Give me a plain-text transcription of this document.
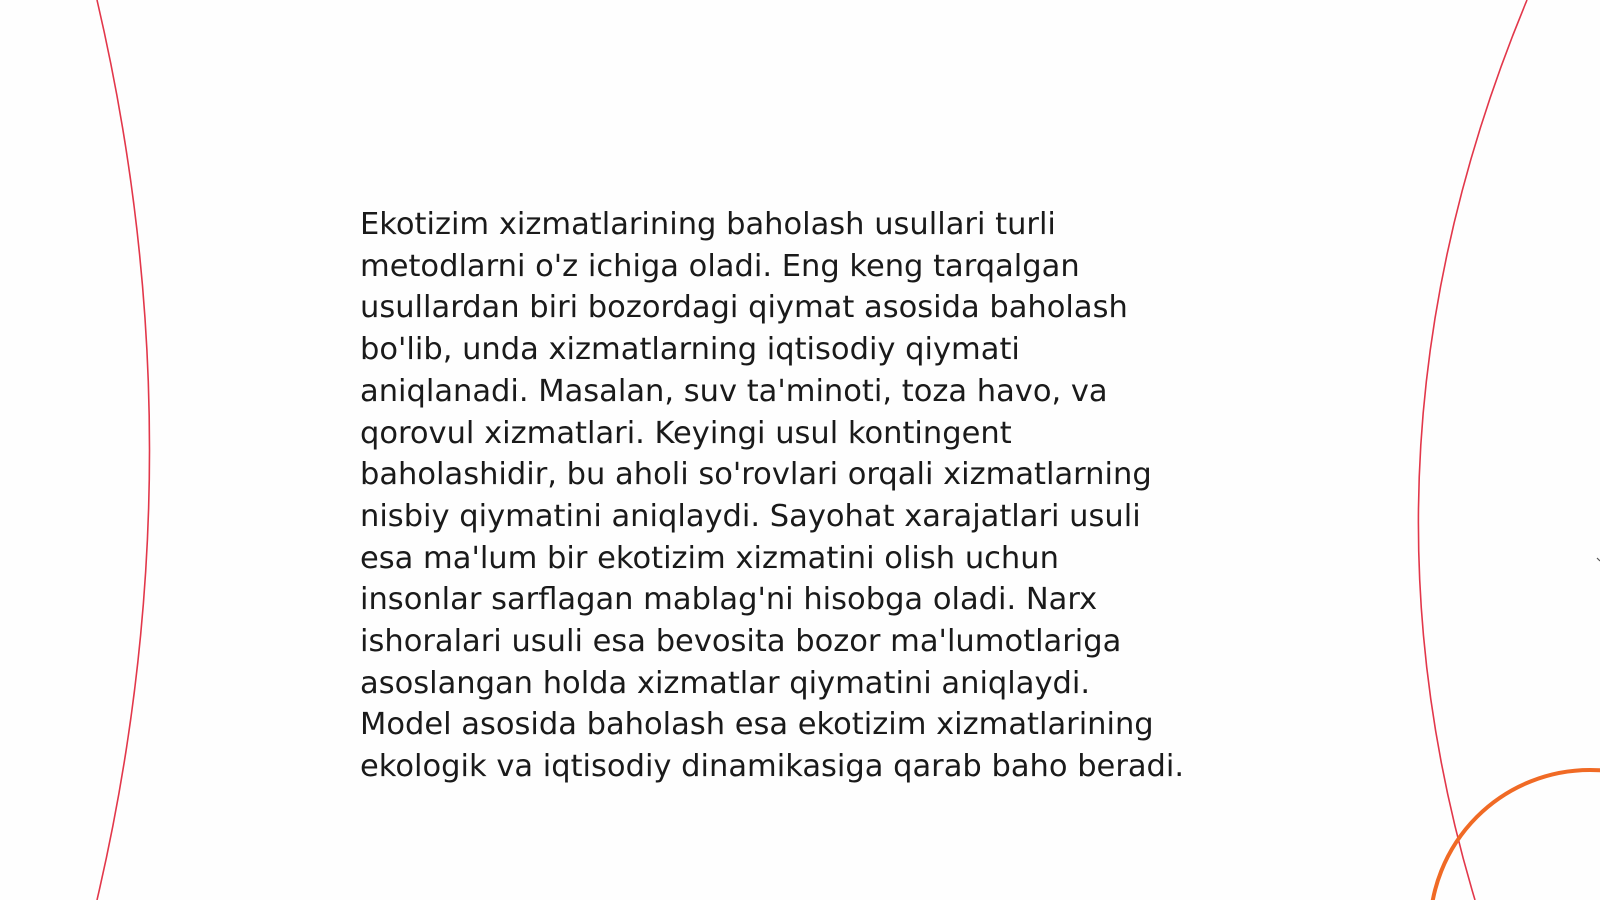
Ekotizim xizmatlarining baholash usullari turli
metodlarni o'z ichiga oladi. Eng keng tarqalgan
usullardan biri bozordagi qiymat asosida baholash
bo'lib, unda xizmatlarning iqtisodiy qiymati
aniqlanadi. Masalan, suv ta'minoti, toza havo, va
qorovul xizmatlari. Keyingi usul kontingent
baholashidir, bu aholi so'rovlari orqali xizmatlarning
nisbiy qiymatini aniqlaydi. Sayohat xarajatlari usuli
esa ma'lum bir ekotizim xizmatini olish uchun
insonlar sarflagan mablag'ni hisobga oladi. Narx
ishoralari usuli esa bevosita bozor ma'lumotlariga
asoslangan holda xizmatlar qiymatini aniqlaydi.
Model asosida baholash esa ekotizim xizmatlarining
ekologik va iqtisodiy dinamikasiga qarab baho beradi.
